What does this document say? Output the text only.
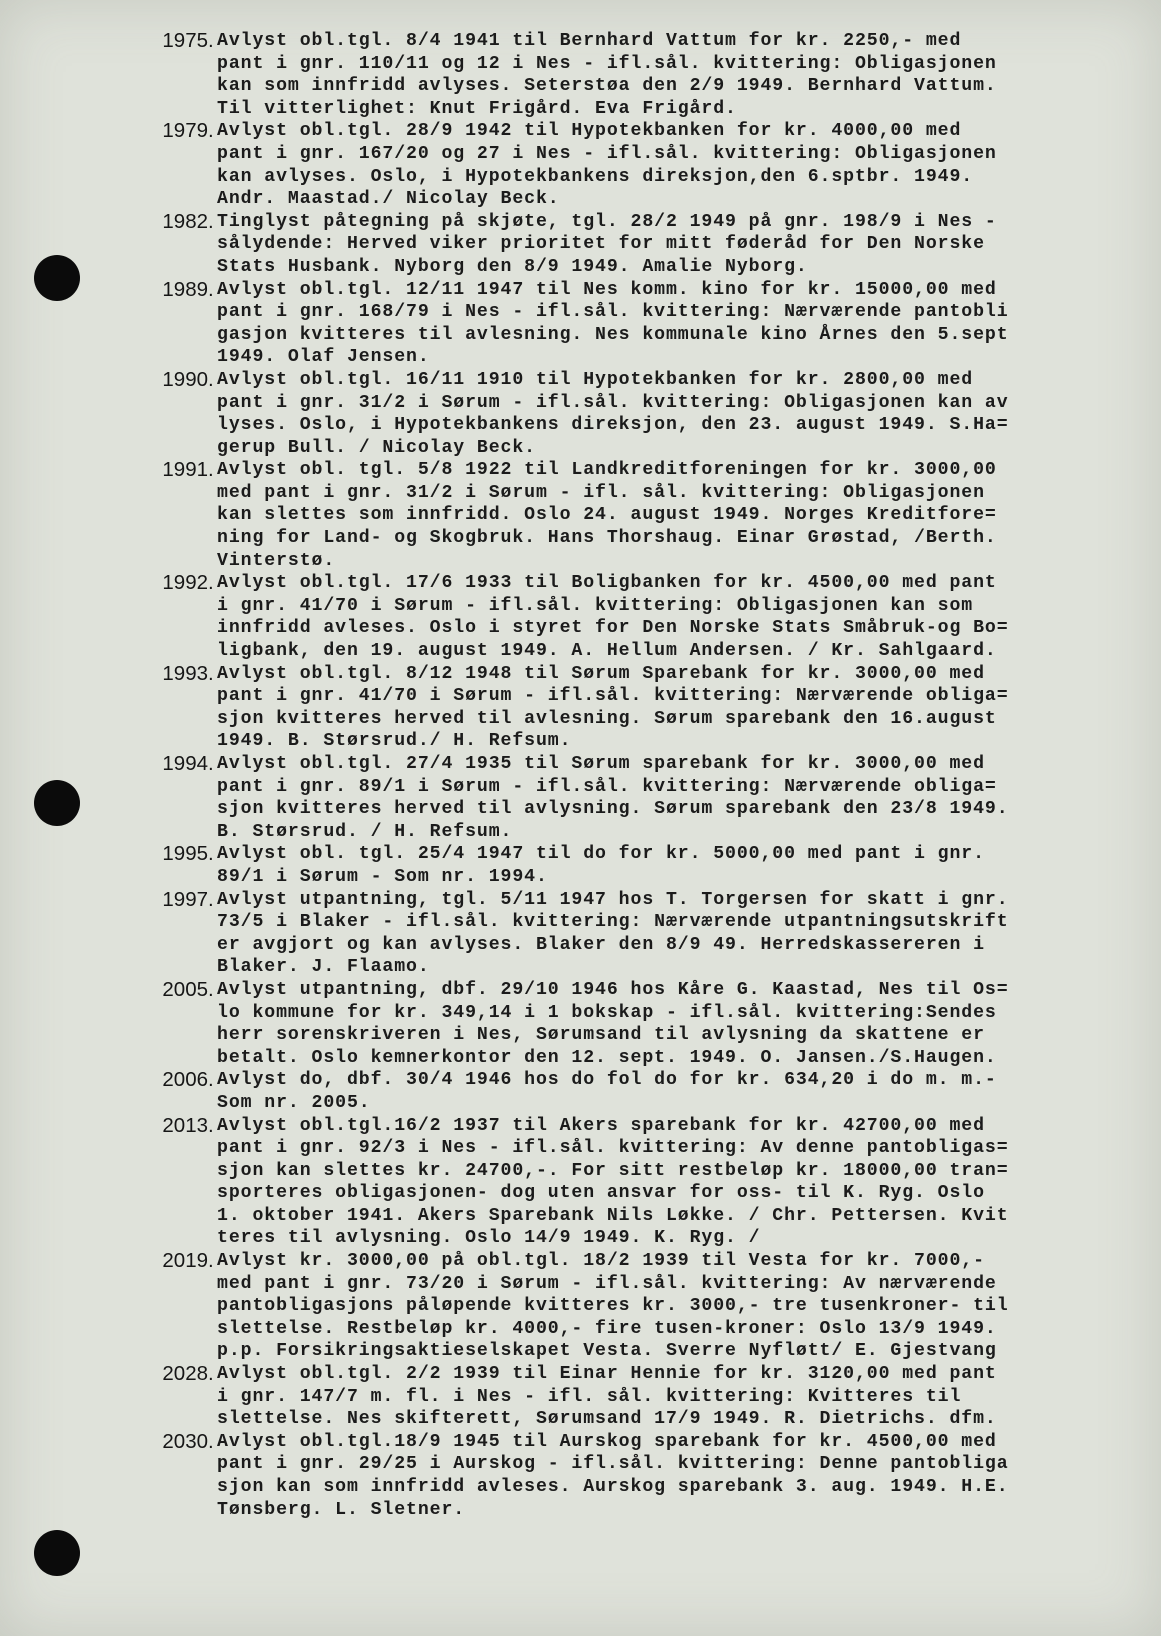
1975 . Avlyst obl.tgl. 8/4 1941 til Bernhard Vattum for kr. 2250,- med
pant i gnr. 110/11 og 12 i Nes - ifl.sål. kvittering: Obligasjonen
kan som innfridd avlyses. Seterstøa den 2/9 1949. Bernhard Vattum.
Til vitterlighet: Knut Frigård. Eva Frigård.

1979 . Avlyst obl.tgl. 28/9 1942 til Hypotekbanken for kr. 4000,00 med
pant i gnr. 167/20 og 27 i Nes - ifl.sål. kvittering: Obligasjonen
kan avlyses. Oslo, i Hypotekbankens direksjon,den 6.sptbr. 1949.
Andr. Maastad./ Nicolay Beck.

1982 . Tinglyst påtegning på skjøte, tgl. 28/2 1949 på gnr. 198/9 i Nes -
sålydende: Herved viker prioritet for mitt føderåd for Den Norske
Stats Husbank. Nyborg den 8/9 1949. Amalie Nyborg.

1989 . Avlyst obl.tgl. 12/11 1947 til Nes komm. kino for kr. 15000,00 med
pant i gnr. 168/79 i Nes - ifl.sål. kvittering: Nærværende pantobli
gasjon kvitteres til avlesning. Nes kommunale kino Årnes den 5.sept
1949. Olaf Jensen.

1990 . Avlyst obl.tgl. 16/11 1910 til Hypotekbanken for kr. 2800,00 med
pant i gnr. 31/2 i Sørum - ifl.sål. kvittering: Obligasjonen kan av
lyses. Oslo, i Hypotekbankens direksjon, den 23. august 1949. S.Ha=
gerup Bull. / Nicolay Beck.

1991 . Avlyst obl. tgl. 5/8 1922 til Landkreditforeningen for kr. 3000,00
med pant i gnr. 31/2 i Sørum - ifl. sål. kvittering: Obligasjonen
kan slettes som innfridd. Oslo 24. august 1949. Norges Kreditfore=
ning for Land- og Skogbruk. Hans Thorshaug. Einar Grøstad, /Berth.
Vinterstø.

1992 . Avlyst obl.tgl. 17/6 1933 til Boligbanken for kr. 4500,00 med pant
i gnr. 41/70 i Sørum - ifl.sål. kvittering: Obligasjonen kan som
innfridd avleses. Oslo i styret for Den Norske Stats Småbruk-og Bo=
ligbank, den 19. august 1949. A. Hellum Andersen. / Kr. Sahlgaard.

1993 . Avlyst obl.tgl. 8/12 1948 til Sørum Sparebank for kr. 3000,00 med
pant i gnr. 41/70 i Sørum - ifl.sål. kvittering: Nærværende obliga=
sjon kvitteres herved til avlesning. Sørum sparebank den 16.august
1949. B. Størsrud./ H. Refsum.

1994 . Avlyst obl.tgl. 27/4 1935 til Sørum sparebank for kr. 3000,00 med
pant i gnr. 89/1 i Sørum - ifl.sål. kvittering: Nærværende obliga=
sjon kvitteres herved til avlysning. Sørum sparebank den 23/8 1949.
B. Størsrud. / H. Refsum.

1995 . Avlyst obl. tgl. 25/4 1947 til do for kr. 5000,00 med pant i gnr.
89/1 i Sørum - Som nr. 1994.

1997 . Avlyst utpantning, tgl. 5/11 1947 hos T. Torgersen for skatt i gnr.
73/5 i Blaker - ifl.sål. kvittering: Nærværende utpantningsutskrift
er avgjort og kan avlyses. Blaker den 8/9 49. Herredskassereren i
Blaker. J. Flaamo.

2005 . Avlyst utpantning, dbf. 29/10 1946 hos Kåre G. Kaastad, Nes til Os=
lo kommune for kr. 349,14 i 1 bokskap - ifl.sål. kvittering:Sendes
herr sorenskriveren i Nes, Sørumsand til avlysning da skattene er
betalt. Oslo kemnerkontor den 12. sept. 1949. O. Jansen./S.Haugen.

2006 . Avlyst do, dbf. 30/4 1946 hos do fol do for kr. 634,20 i do m. m.-
Som nr. 2005.

2013 . Avlyst obl.tgl.16/2 1937 til Akers sparebank for kr. 42700,00 med
pant i gnr. 92/3 i Nes - ifl.sål. kvittering: Av denne pantobligas=
sjon kan slettes kr. 24700,-. For sitt restbeløp kr. 18000,00 tran=
sporteres obligasjonen- dog uten ansvar for oss- til K. Ryg. Oslo
1. oktober 1941. Akers Sparebank Nils Løkke. / Chr. Pettersen. Kvit
teres til avlysning. Oslo 14/9 1949. K. Ryg. /

2019 . Avlyst kr. 3000,00 på obl.tgl. 18/2 1939 til Vesta for kr. 7000,-
med pant i gnr. 73/20 i Sørum - ifl.sål. kvittering: Av nærværende
pantobligasjons påløpende kvitteres kr. 3000,- tre tusenkroner- til
slettelse. Restbeløp kr. 4000,- fire tusen-kroner: Oslo 13/9 1949.
p.p. Forsikringsaktieselskapet Vesta. Sverre Nyfløtt/ E. Gjestvang

2028 . Avlyst obl.tgl. 2/2 1939 til Einar Hennie for kr. 3120,00 med pant
i gnr. 147/7 m. fl. i Nes - ifl. sål. kvittering: Kvitteres til
slettelse. Nes skifterett, Sørumsand 17/9 1949. R. Dietrichs. dfm.

2030 . Avlyst obl.tgl.18/9 1945 til Aurskog sparebank for kr. 4500,00 med
pant i gnr. 29/25 i Aurskog - ifl.sål. kvittering: Denne pantobliga
sjon kan som innfridd avleses. Aurskog sparebank 3. aug. 1949. H.E.
Tønsberg. L. Sletner.
